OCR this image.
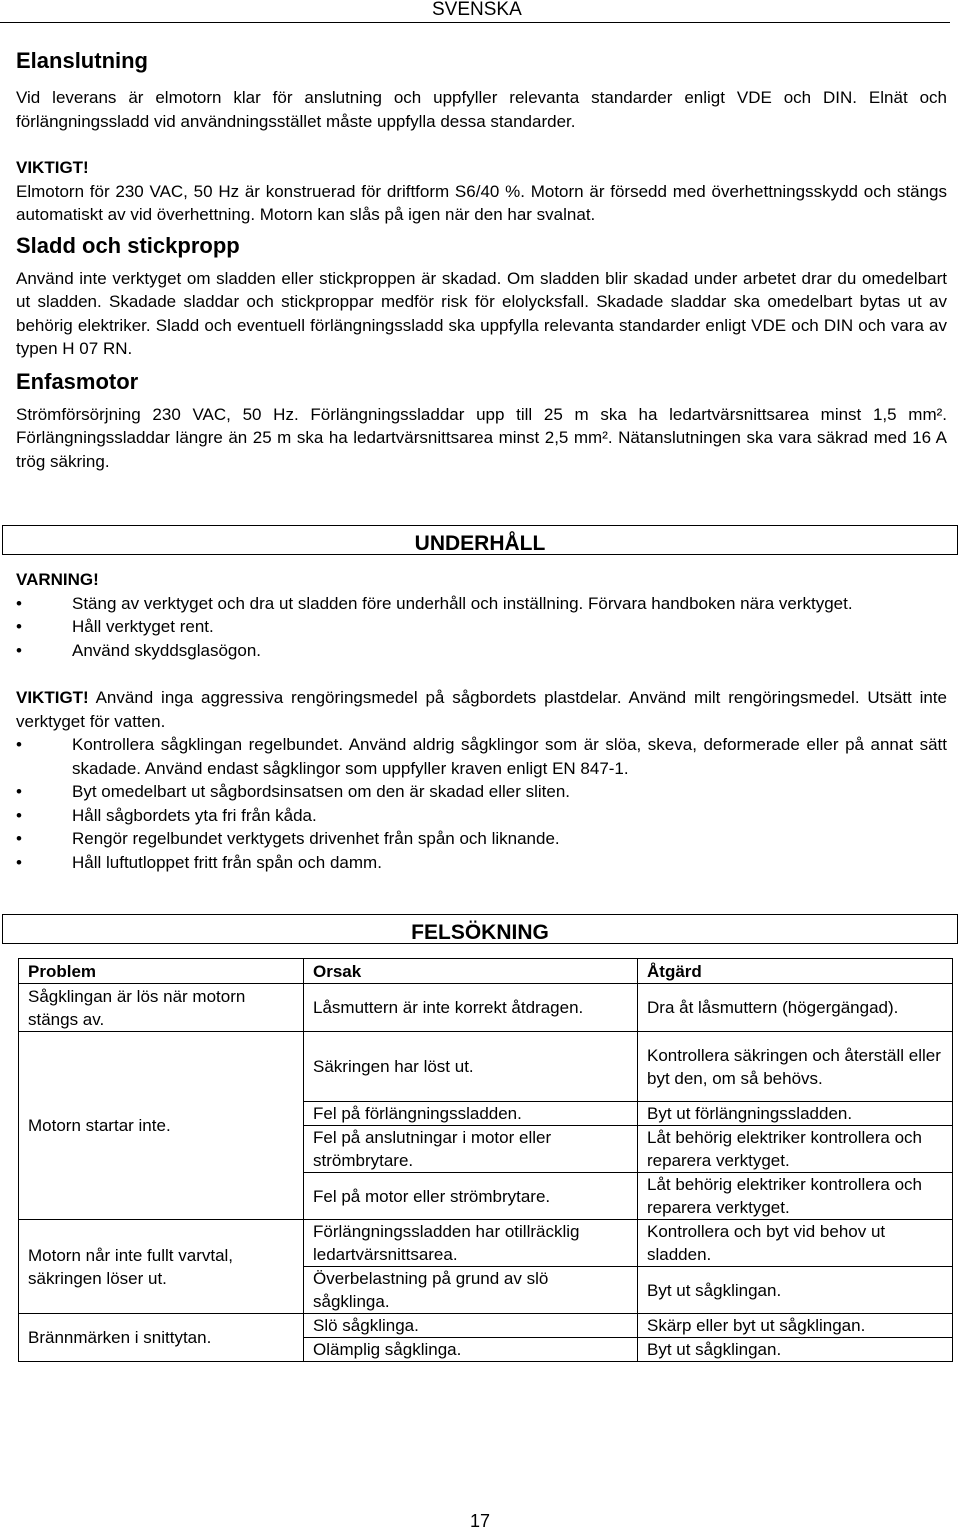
SVENSKA
Elanslutning

Vid leverans är elmotorn klar för anslutning och uppfyller relevanta standarder enligt VDE och DIN. Elnät och förlängningssladd vid användningsstället måste uppfylla dessa standarder.

VIKTIGT!

Elmotorn för 230 VAC, 50 Hz är konstruerad för driftform S6/40 %. Motorn är försedd med överhettningsskydd och stängs automatiskt av vid överhettning. Motorn kan slås på igen när den har svalnat.

Sladd och stickpropp

Använd inte verktyget om sladden eller stickproppen är skadad. Om sladden blir skadad under arbetet drar du omedelbart ut sladden. Skadade sladdar och stickproppar medför risk för elolycksfall. Skadade sladdar ska omedelbart bytas ut av behörig elektriker. Sladd och eventuell förlängningssladd ska uppfylla relevanta standarder enligt VDE och DIN och vara av typen H 07 RN.

Enfasmotor

Strömförsörjning 230 VAC, 50 Hz. Förlängningssladdar upp till 25 m ska ha ledartvärsnittsarea minst 1,5 mm². Förlängningssladdar längre än 25 m ska ha ledartvärsnittsarea minst 2,5 mm². Nätanslutningen ska vara säkrad med 16 A trög säkring.

UNDERHÅLL

VARNING!

• Stäng av verktyget och dra ut sladden före underhåll och inställning. Förvara handboken nära verktyget.
• Håll verktyget rent.
• Använd skyddsglasögon.

VIKTIGT! Använd inga aggressiva rengöringsmedel på sågbordets plastdelar. Använd milt rengöringsmedel. Utsätt inte verktyget för vatten.

• Kontrollera sågklingan regelbundet. Använd aldrig sågklingor som är slöa, skeva, deformerade eller på annat sätt skadade. Använd endast sågklingor som uppfyller kraven enligt EN 847-1.
• Byt omedelbart ut sågbordsinsatsen om den är skadad eller sliten.
• Håll sågbordets yta fri från kåda.
• Rengör regelbundet verktygets drivenhet från spån och liknande.
• Håll luftutloppet fritt från spån och damm.
FELSÖKNING
Problem	Orsak	Åtgärd
Sågklingan är lös när motorn stängs av.	Låsmuttern är inte korrekt åtdragen.	Dra åt låsmuttern (högergängad).
Motorn startar inte.	Säkringen har löst ut.	Kontrollera säkringen och återställ eller byt den, om så behövs.
	Fel på förlängningssladden.	Byt ut förlängningssladden.
	Fel på anslutningar i motor eller strömbrytare.	Låt behörig elektriker kontrollera och reparera verktyget.
	Fel på motor eller strömbrytare.	Låt behörig elektriker kontrollera och reparera verktyget.
Motorn når inte fullt varvtal, säkringen löser ut.	Förlängningssladden har otillräcklig ledartvärsnittsarea.	Kontrollera och byt vid behov ut sladden.
	Överbelastning på grund av slö sågklinga.	Byt ut sågklingan.
Brännmärken i snittytan.	Slö sågklinga.	Skärp eller byt ut sågklingan.
	Olämplig sågklinga.	Byt ut sågklingan.
17
